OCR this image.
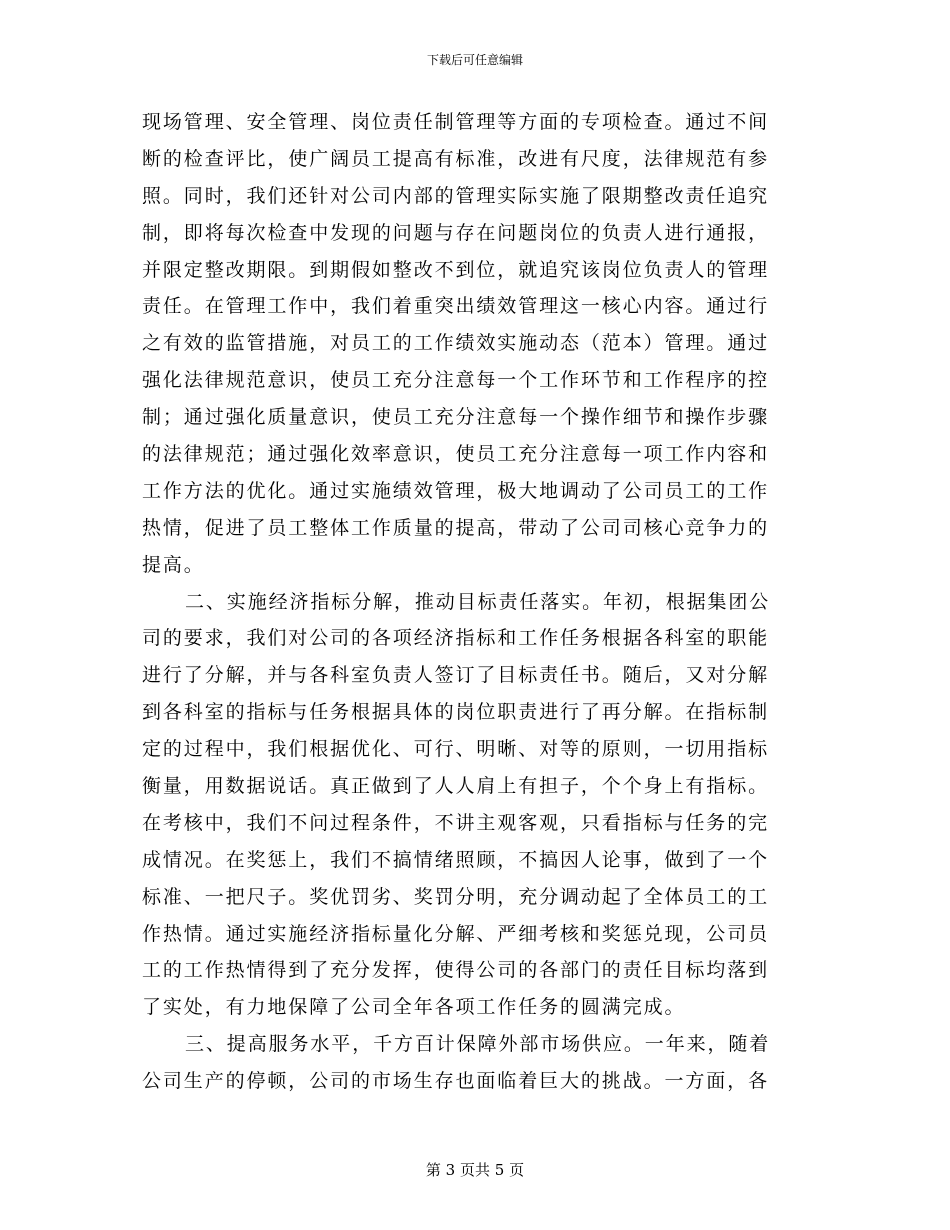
下载后可任意编辑
现场管理、安全管理、岗位责任制管理等方面的专项检查。通过不间
断的检查评比，使广阔员工提高有标准，改进有尺度，法律规范有参
照。同时，我们还针对公司内部的管理实际实施了限期整改责任追究
制，即将每次检查中发现的问题与存在问题岗位的负责人进行通报，
并限定整改期限。到期假如整改不到位，就追究该岗位负责人的管理
责任。在管理工作中，我们着重突出绩效管理这一核心内容。通过行
之有效的监管措施，对员工的工作绩效实施动态（范本）管理。通过
强化法律规范意识，使员工充分注意每一个工作环节和工作程序的控
制；通过强化质量意识，使员工充分注意每一个操作细节和操作步骤
的法律规范；通过强化效率意识，使员工充分注意每一项工作内容和
工作方法的优化。通过实施绩效管理，极大地调动了公司员工的工作
热情，促进了员工整体工作质量的提高，带动了公司司核心竞争力的
提高。
二、实施经济指标分解，推动目标责任落实。年初，根据集团公
司的要求，我们对公司的各项经济指标和工作任务根据各科室的职能
进行了分解，并与各科室负责人签订了目标责任书。随后，又对分解
到各科室的指标与任务根据具体的岗位职责进行了再分解。在指标制
定的过程中，我们根据优化、可行、明晰、对等的原则，一切用指标
衡量，用数据说话。真正做到了人人肩上有担子，个个身上有指标。
在考核中，我们不问过程条件，不讲主观客观，只看指标与任务的完
成情况。在奖惩上，我们不搞情绪照顾，不搞因人论事，做到了一个
标准、一把尺子。奖优罚劣、奖罚分明，充分调动起了全体员工的工
作热情。通过实施经济指标量化分解、严细考核和奖惩兑现，公司员
工的工作热情得到了充分发挥，使得公司的各部门的责任目标均落到
了实处，有力地保障了公司全年各项工作任务的圆满完成。
三、提高服务水平，千方百计保障外部市场供应。一年来，随着
公司生产的停顿，公司的市场生存也面临着巨大的挑战。一方面，各
第 3 页共 5 页
